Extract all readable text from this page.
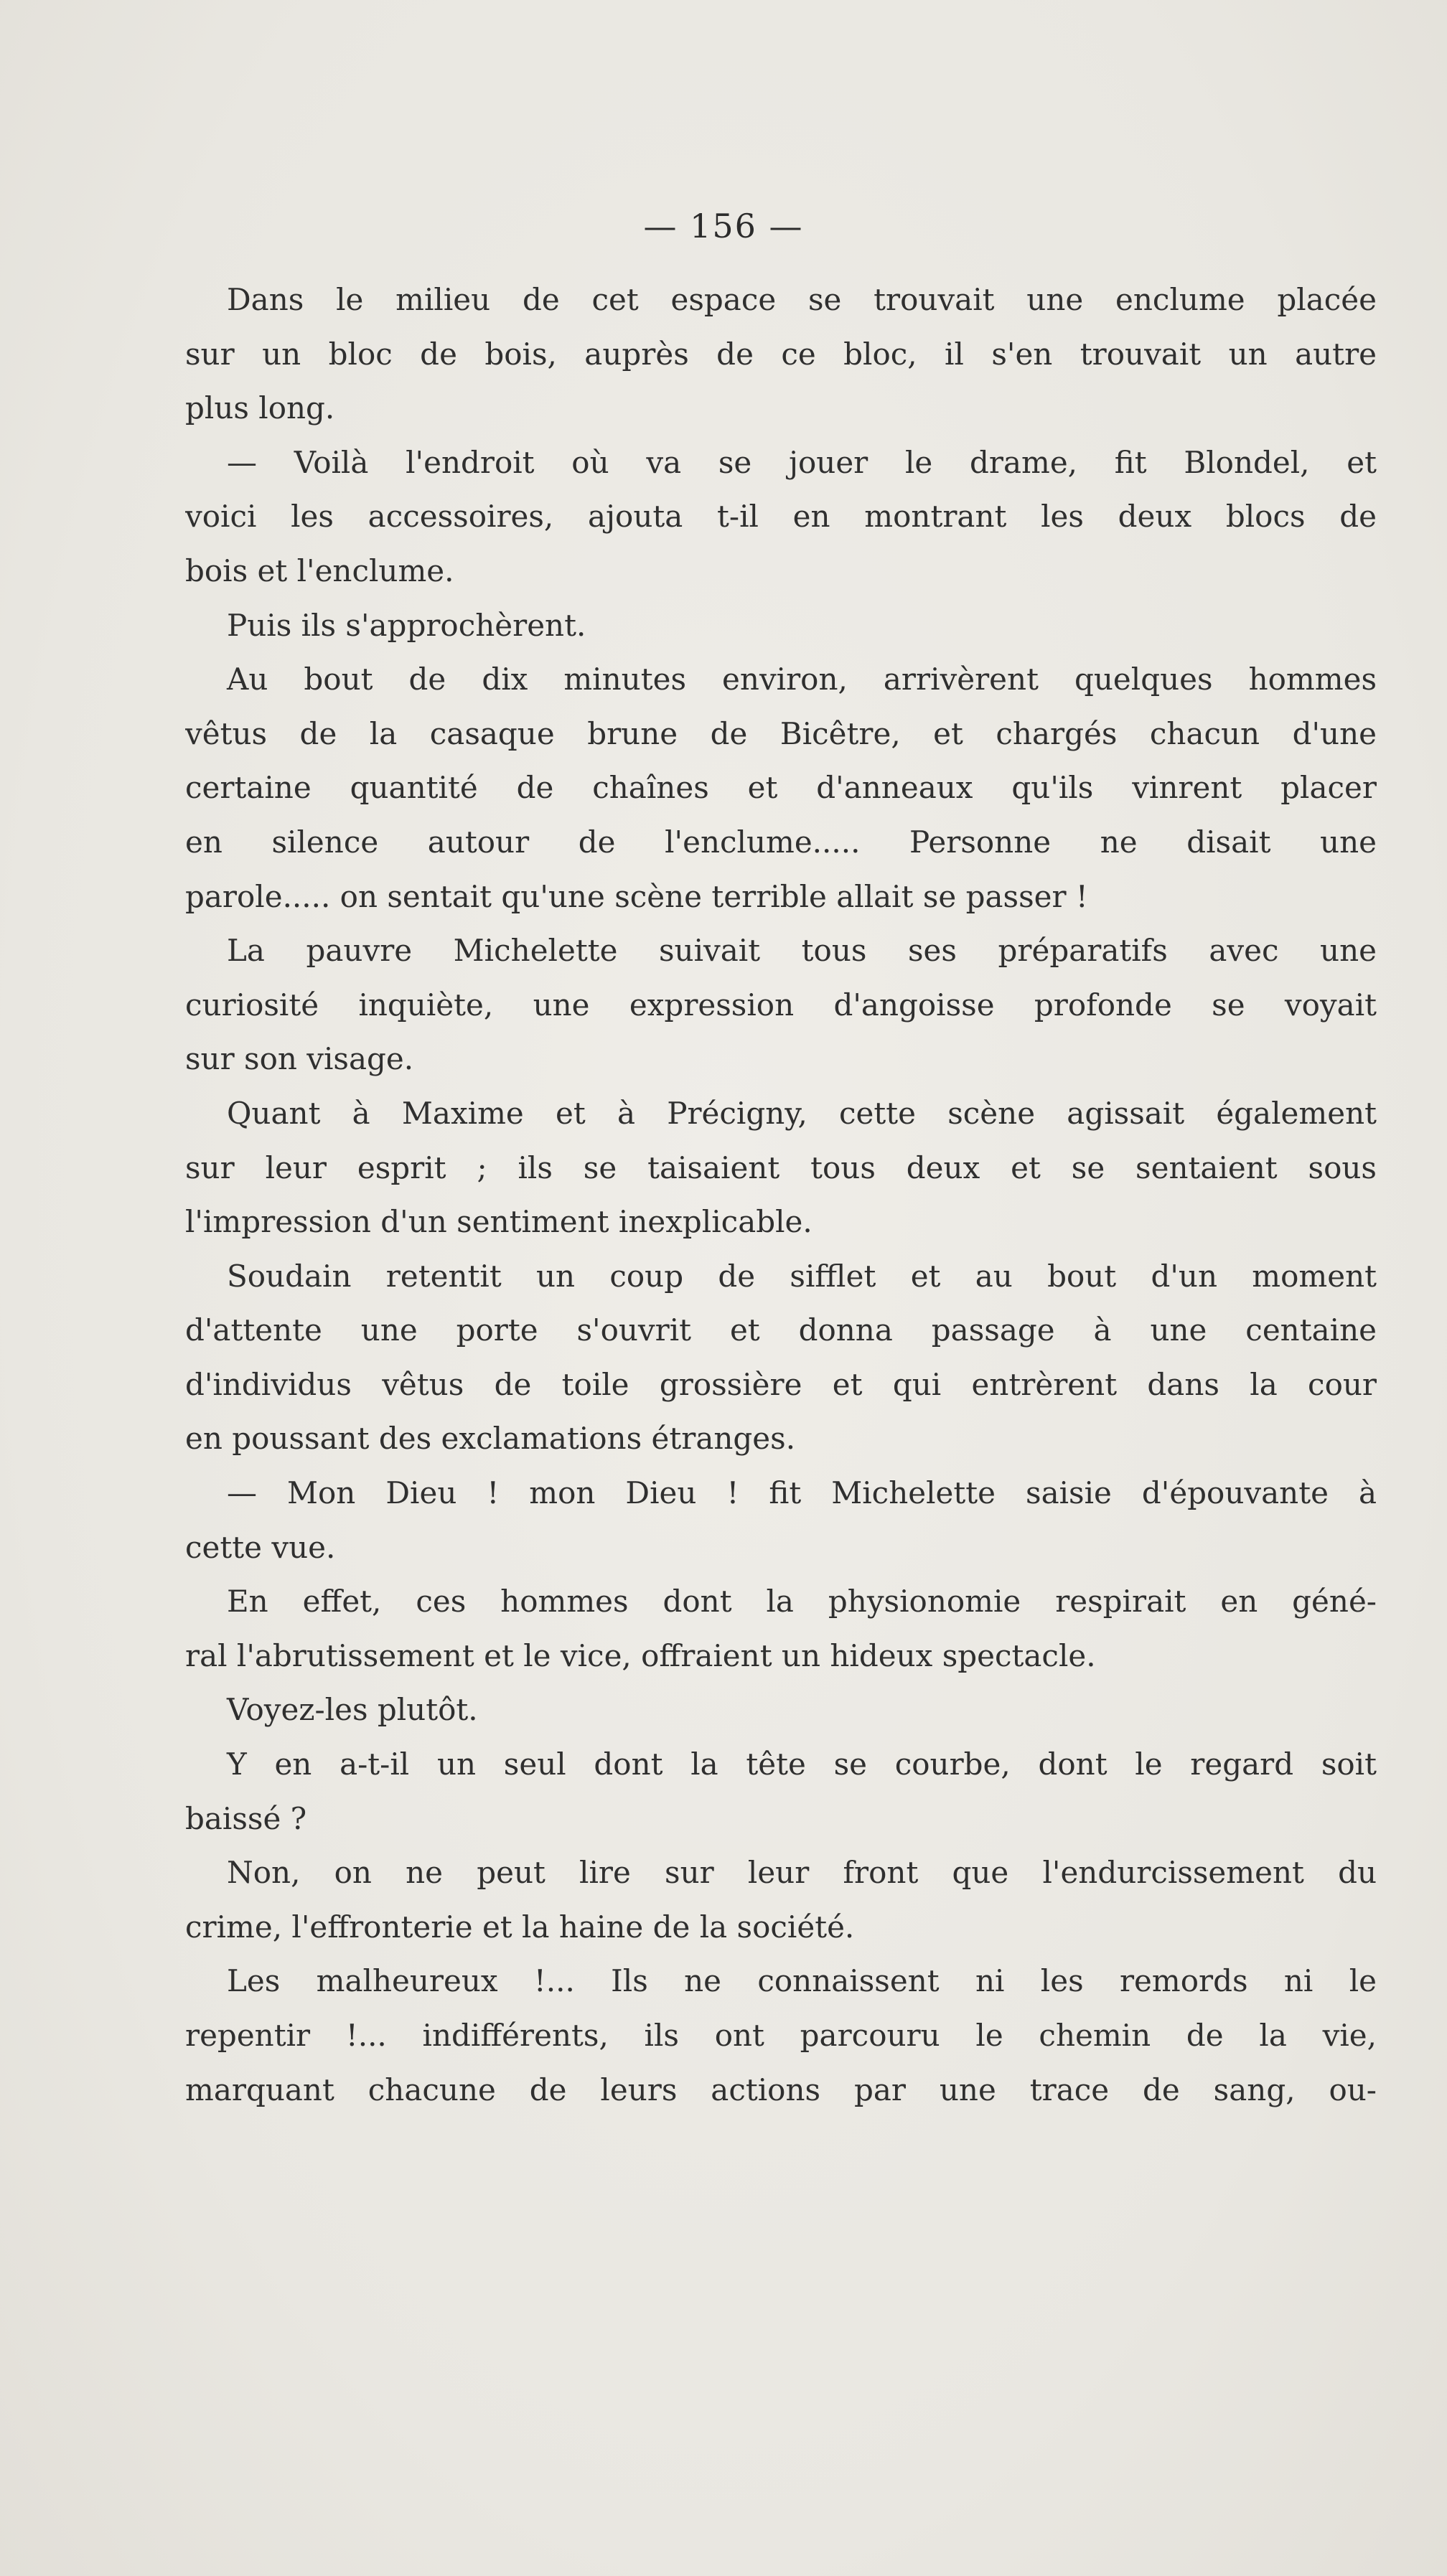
— 156 —
Dans le milieu de cet espace se trouvait une enclume placée
sur un bloc de bois, auprès de ce bloc, il s'en trouvait un autre
plus long.
— Voilà l'endroit où va se jouer le drame, fit Blondel, et
voici les accessoires, ajouta t-il en montrant les deux blocs de
bois et l'enclume.
Puis ils s'approchèrent.
Au bout de dix minutes environ, arrivèrent quelques hommes
vêtus de la casaque brune de Bicêtre, et chargés chacun d'une
certaine quantité de chaînes et d'anneaux qu'ils vinrent placer
en silence autour de l'enclume..... Personne ne disait une
parole..... on sentait qu'une scène terrible allait se passer !
La pauvre Michelette suivait tous ses préparatifs avec une
curiosité inquiète, une expression d'angoisse profonde se voyait
sur son visage.
Quant à Maxime et à Précigny, cette scène agissait également
sur leur esprit ; ils se taisaient tous deux et se sentaient sous
l'impression d'un sentiment inexplicable.
Soudain retentit un coup de sifflet et au bout d'un moment
d'attente une porte s'ouvrit et donna passage à une centaine
d'individus vêtus de toile grossière et qui entrèrent dans la cour
en poussant des exclamations étranges.
— Mon Dieu ! mon Dieu ! fit Michelette saisie d'épouvante à
cette vue.
En effet, ces hommes dont la physionomie respirait en géné-
ral l'abrutissement et le vice, offraient un hideux spectacle.
Voyez-les plutôt.
Y en a-t-il un seul dont la tête se courbe, dont le regard soit
baissé ?
Non, on ne peut lire sur leur front que l'endurcissement du
crime, l'effronterie et la haine de la société.
Les malheureux !... Ils ne connaissent ni les remords ni le
repentir !... indifférents, ils ont parcouru le chemin de la vie,
marquant chacune de leurs actions par une trace de sang, ou-
